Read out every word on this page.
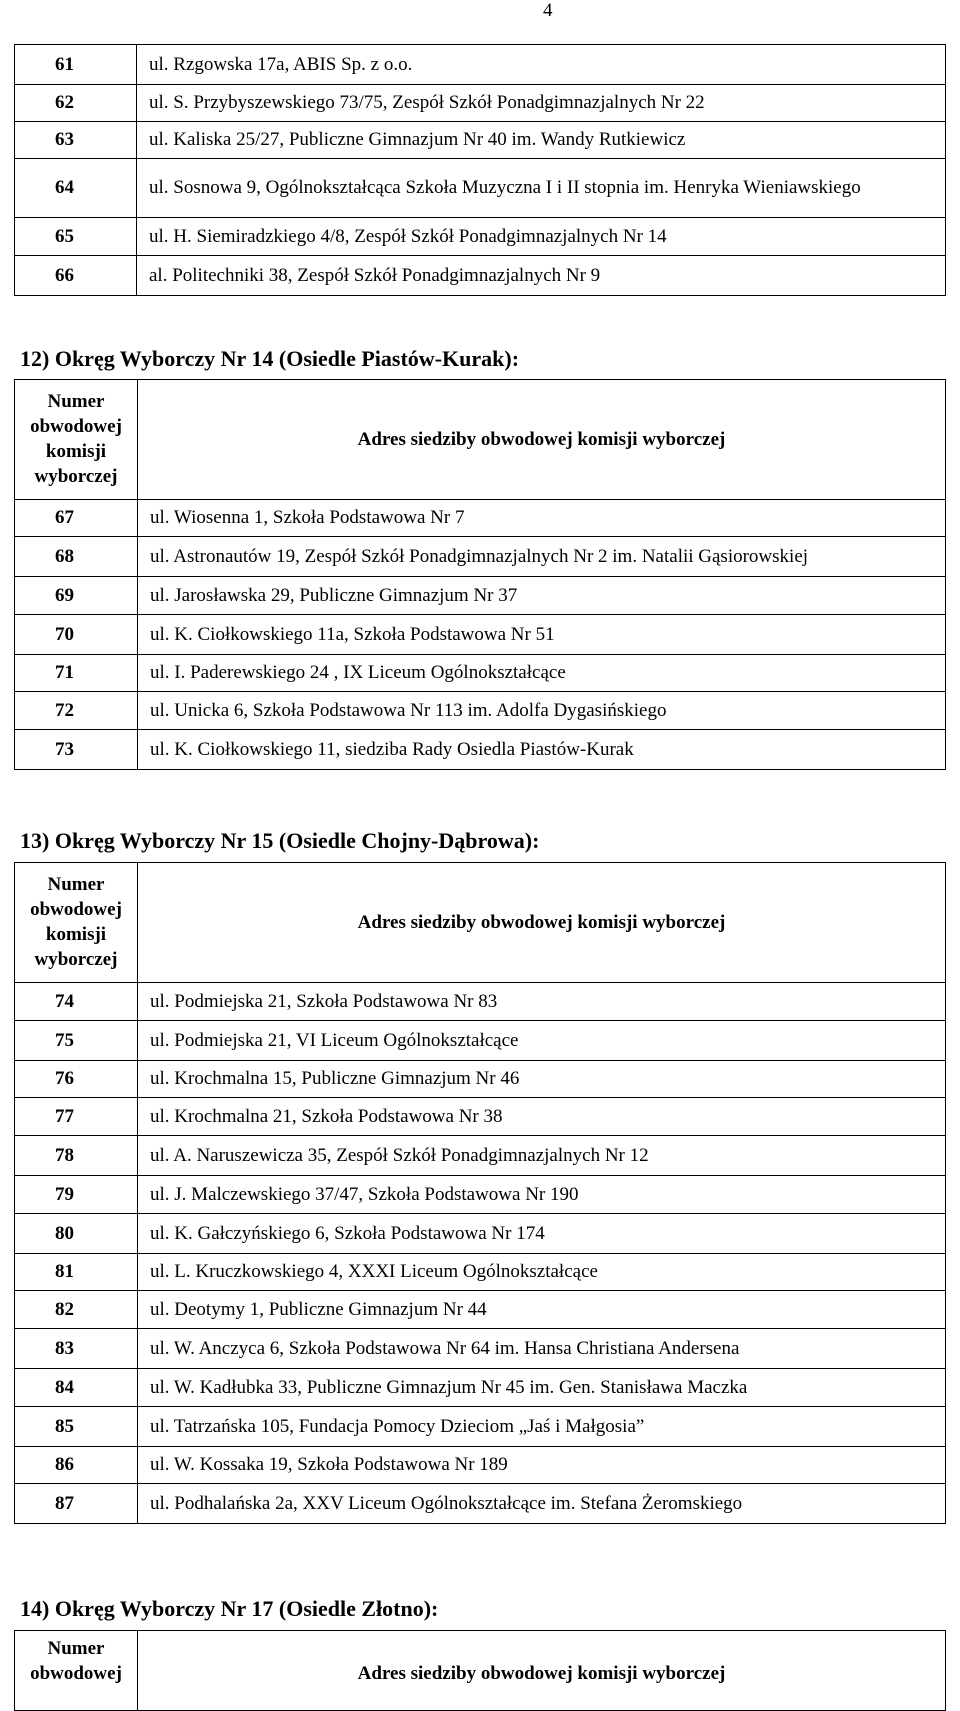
4
61	ul. Rzgowska 17a, ABIS Sp. z o.o.
62	ul. S. Przybyszewskiego 73/75, Zespół Szkół Ponadgimnazjalnych Nr 22
63	ul. Kaliska 25/27, Publiczne Gimnazjum Nr 40 im. Wandy Rutkiewicz
64	ul. Sosnowa 9, Ogólnokształcąca Szkoła Muzyczna I i II stopnia im. Henryka Wieniawskiego
65	ul. H. Siemiradzkiego 4/8, Zespół Szkół Ponadgimnazjalnych Nr 14
66	al. Politechniki 38, Zespół Szkół Ponadgimnazjalnych Nr 9
12) Okręg Wyborczy Nr 14 (Osiedle Piastów-Kurak):
Numer obwodowej komisji wyborczej	Adres siedziby obwodowej komisji wyborczej
67	ul. Wiosenna 1, Szkoła Podstawowa Nr 7
68	ul. Astronautów 19, Zespół Szkół Ponadgimnazjalnych Nr 2 im. Natalii Gąsiorowskiej
69	ul. Jarosławska 29, Publiczne Gimnazjum Nr 37
70	ul. K. Ciołkowskiego 11a, Szkoła Podstawowa Nr 51
71	ul. I. Paderewskiego 24 , IX Liceum Ogólnokształcące
72	ul. Unicka 6, Szkoła Podstawowa Nr 113 im. Adolfa Dygasińskiego
73	ul. K. Ciołkowskiego 11, siedziba Rady Osiedla Piastów-Kurak
13) Okręg Wyborczy Nr 15 (Osiedle Chojny-Dąbrowa):
Numer obwodowej komisji wyborczej	Adres siedziby obwodowej komisji wyborczej
74	ul. Podmiejska 21, Szkoła Podstawowa Nr 83
75	ul. Podmiejska 21, VI Liceum Ogólnokształcące
76	ul. Krochmalna 15, Publiczne Gimnazjum Nr 46
77	ul. Krochmalna 21, Szkoła Podstawowa Nr 38
78	ul. A. Naruszewicza 35, Zespół Szkół Ponadgimnazjalnych Nr 12
79	ul. J. Malczewskiego 37/47, Szkoła Podstawowa Nr 190
80	ul. K. Gałczyńskiego 6, Szkoła Podstawowa Nr 174
81	ul. L. Kruczkowskiego 4, XXXI Liceum Ogólnokształcące
82	ul. Deotymy 1, Publiczne Gimnazjum Nr 44
83	ul. W. Anczyca 6, Szkoła Podstawowa Nr 64 im. Hansa Christiana Andersena
84	ul. W. Kadłubka 33, Publiczne Gimnazjum Nr 45 im. Gen. Stanisława Maczka
85	ul. Tatrzańska 105, Fundacja Pomocy Dzieciom „Jaś i Małgosia”
86	ul. W. Kossaka 19, Szkoła Podstawowa Nr 189
87	ul. Podhalańska 2a, XXV Liceum Ogólnokształcące im. Stefana Żeromskiego
14) Okręg Wyborczy Nr 17 (Osiedle Złotno):
Numer obwodowej	Adres siedziby obwodowej komisji wyborczej
